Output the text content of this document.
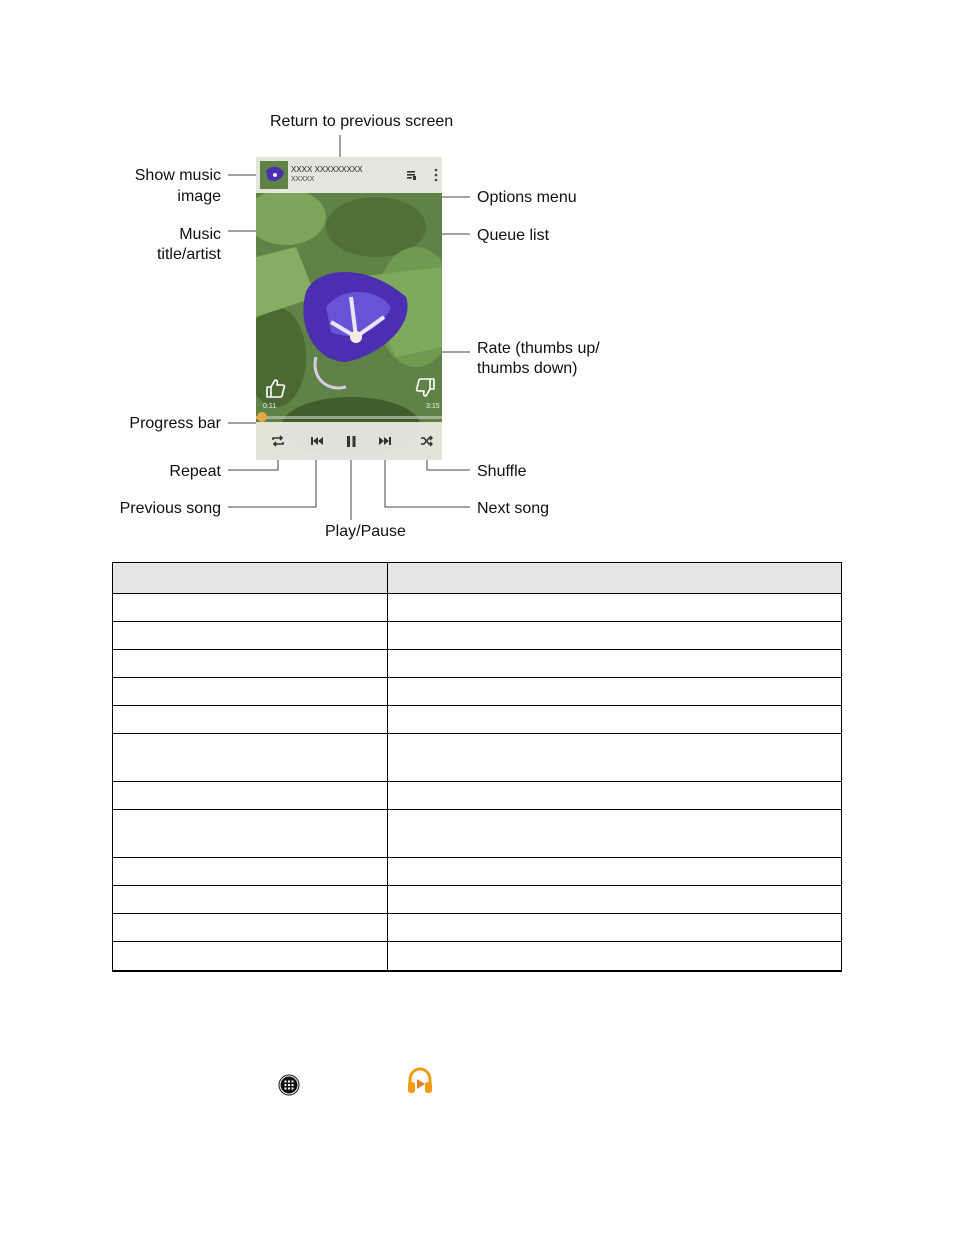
Return to previous screen
Show music
image
Music
title/artist
Options menu
Queue list
Rate (thumbs up/
thumbs down)
Progress bar
Repeat	Shuffle
Previous song	Next song
Play/Pause
XXXX XXXXXXXXX
XXXXX
0:11	3:15
